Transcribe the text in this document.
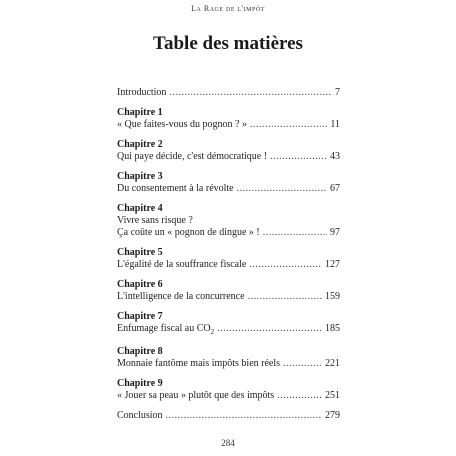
La Rage de l'impôt
Table des matières
Introduction . . .	7
Chapitre 1
« Que faites-vous du pognon ? » . . .	11
Chapitre 2
Qui paye décide, c'est démocratique ! . . .	43
Chapitre 3
Du consentement à la révolte . . .	67
Chapitre 4
Vivre sans risque ?
Ça coûte un « pognon de dingue » ! . . .	97
Chapitre 5
L'égalité de la souffrance fiscale . . .	127
Chapitre 6
L'intelligence de la concurrence . . .	159
Chapitre 7
Enfumage fiscal au $CO_2$ . . .	185
Chapitre 8
Monnaie fantôme mais impôts bien réels . . .	221
Chapitre 9
« Jouer sa peau » plutôt que des impôts . . .	251
Conclusion . . .	279
284
